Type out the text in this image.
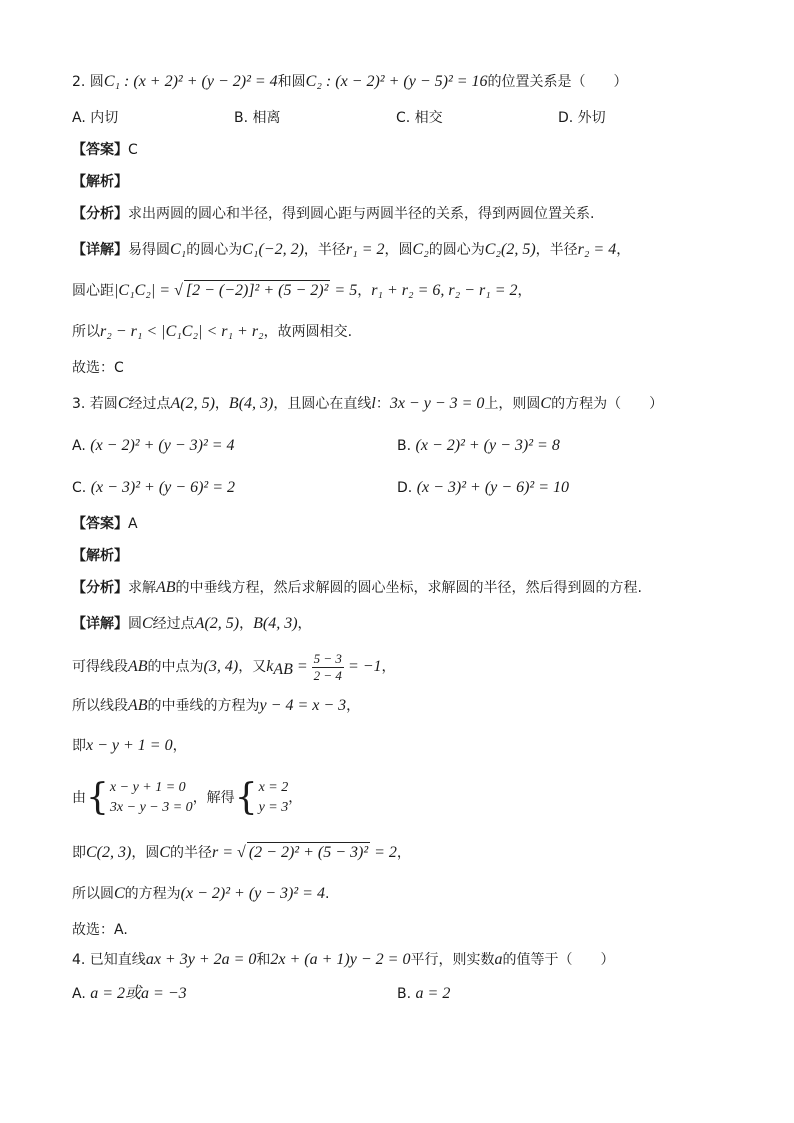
2. 圆C₁ : (x + 2)² + (y − 2)² = 4和圆C₂ : (x − 2)² + (y − 5)² = 16的位置关系是（　　）
A. 内切	B. 相离	C. 相交	D. 外切
【答案】C
【解析】
【分析】求出两圆的圆心和半径，得到圆心距与两圆半径的关系，得到两圆位置关系.
【详解】易得圆C₁的圆心为C₁(−2, 2)，半径r₁ = 2，圆C₂的圆心为C₂(2, 5)，半径r₂ = 4，
圆心距|C₁C₂| = √ [2 − (−2)]² + (5 − 2)² = 5，r₁ + r₂ = 6, r₂ − r₁ = 2，
所以r₂ − r₁ < |C₁C₂| < r₁ + r₂，故两圆相交.
故选：C
3. 若圆C经过点A(2, 5)，B(4, 3)，且圆心在直线l：3x − y − 3 = 0上，则圆C的方程为（　　）
A. (x − 2)² + (y − 3)² = 4	B. (x − 2)² + (y − 3)² = 8
C. (x − 3)² + (y − 6)² = 2	D. (x − 3)² + (y − 6)² = 10
【答案】A
【解析】
【分析】求解AB的中垂线方程，然后求解圆的圆心坐标，求解圆的半径，然后得到圆的方程.
【详解】圆C经过点A(2, 5)，B(4, 3)，
可得线段AB的中点为(3, 4)，又$k_{AB} = \frac{5 - 3}{2 - 4} = -1$，
所以线段AB的中垂线的方程为y − 4 = x − 3，
即x − y + 1 = 0，
由 { x − y + 1 = 0
3x − y − 3 = 0
，解得 { x = 2
y = 3
，
即C(2, 3)，圆C的半径r = √ (2 − 2)² + (5 − 3)² = 2，
所以圆C的方程为(x − 2)² + (y − 3)² = 4.
故选：A.
4. 已知直线ax + 3y + 2a = 0和2x + (a + 1)y − 2 = 0平行，则实数a的值等于（　　）
A. a = 2或a = −3	B. a = 2
